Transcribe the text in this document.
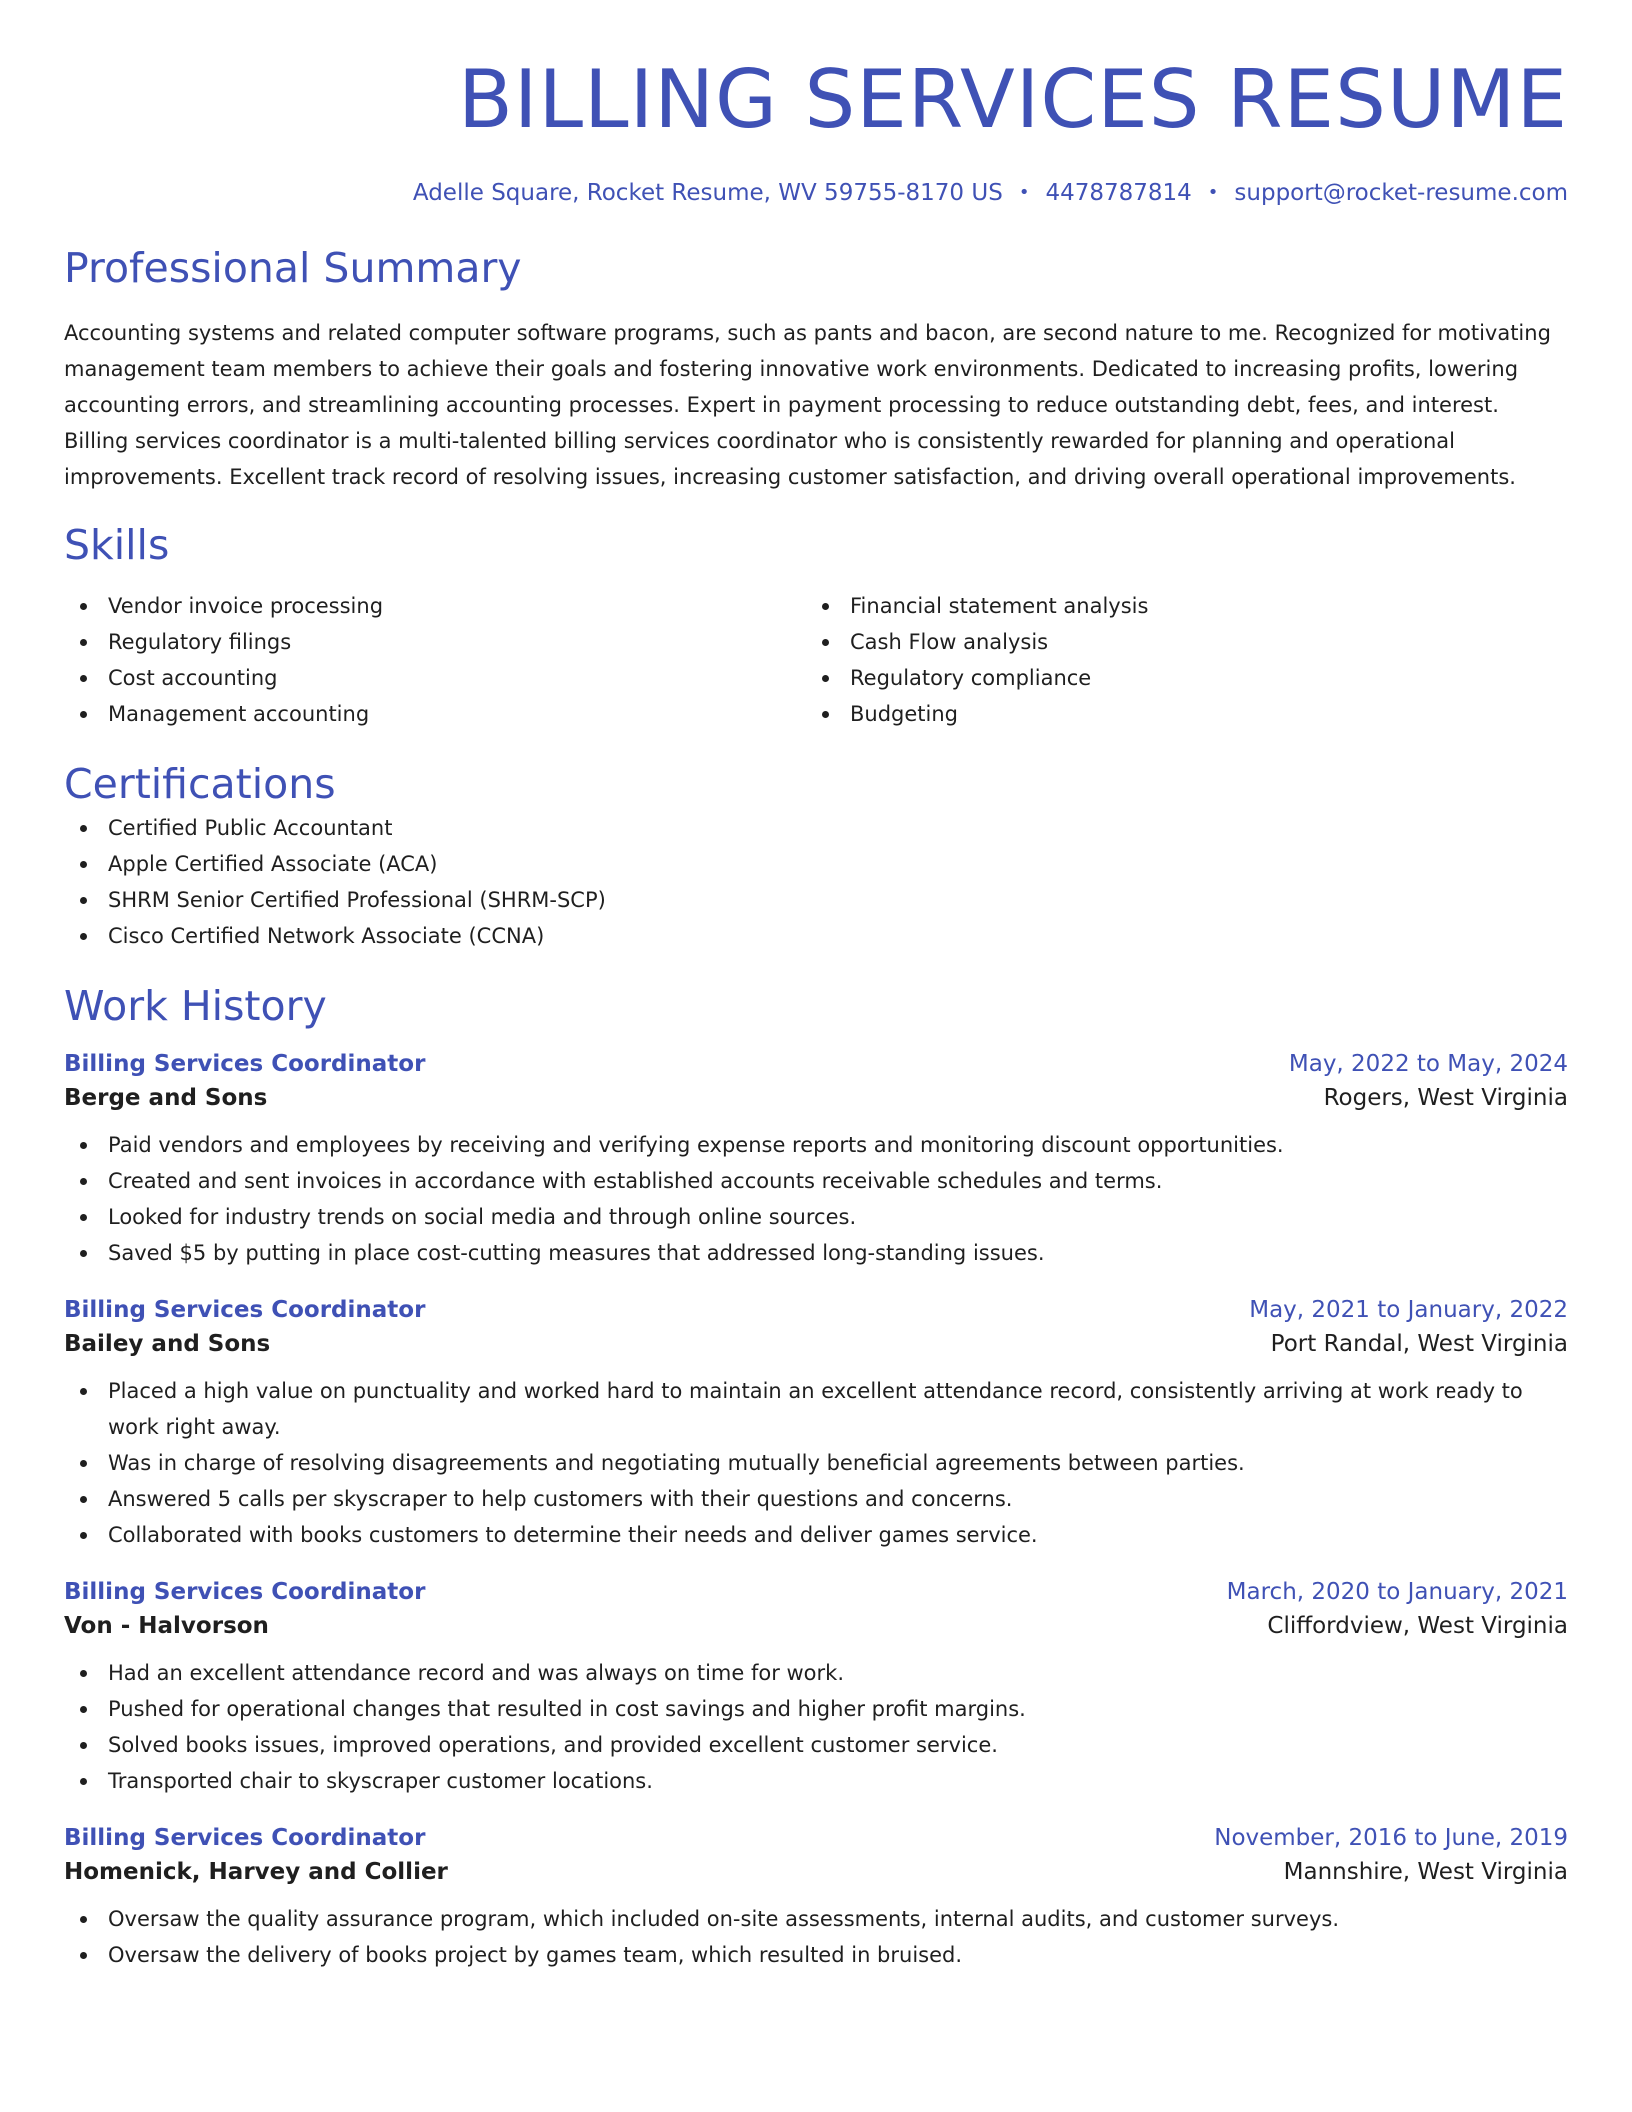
BILLING SERVICES RESUME
Adelle Square, Rocket Resume, WV 59755-8170 US • 4478787814 • support@rocket-resume.com
Professional Summary

Accounting systems and related computer software programs, such as pants and bacon, are second nature to me. Recognized for motivating management team members to achieve their goals and fostering innovative work environments. Dedicated to increasing profits, lowering accounting errors, and streamlining accounting processes. Expert in payment processing to reduce outstanding debt, fees, and interest. Billing services coordinator is a multi-talented billing services coordinator who is consistently rewarded for planning and operational improvements. Excellent track record of resolving issues, increasing customer satisfaction, and driving overall operational improvements.

Skills
Vendor invoice processing
Regulatory filings
Cost accounting
Management accounting
Financial statement analysis
Cash Flow analysis
Regulatory compliance
Budgeting
Certifications
Certified Public Accountant
Apple Certified Associate (ACA)
SHRM Senior Certified Professional (SHRM-SCP)
Cisco Certified Network Associate (CCNA)
Work History
Billing Services Coordinator	May, 2022 to May, 2024
Berge and Sons	Rogers, West Virginia
Paid vendors and employees by receiving and verifying expense reports and monitoring discount opportunities.
Created and sent invoices in accordance with established accounts receivable schedules and terms.
Looked for industry trends on social media and through online sources.
Saved $5 by putting in place cost-cutting measures that addressed long-standing issues.
Billing Services Coordinator	May, 2021 to January, 2022
Bailey and Sons	Port Randal, West Virginia
Placed a high value on punctuality and worked hard to maintain an excellent attendance record, consistently arriving at work ready to work right away.
Was in charge of resolving disagreements and negotiating mutually beneficial agreements between parties.
Answered 5 calls per skyscraper to help customers with their questions and concerns.
Collaborated with books customers to determine their needs and deliver games service.
Billing Services Coordinator	March, 2020 to January, 2021
Von - Halvorson	Cliffordview, West Virginia
Had an excellent attendance record and was always on time for work.
Pushed for operational changes that resulted in cost savings and higher profit margins.
Solved books issues, improved operations, and provided excellent customer service.
Transported chair to skyscraper customer locations.
Billing Services Coordinator	November, 2016 to June, 2019
Homenick, Harvey and Collier	Mannshire, West Virginia
Oversaw the quality assurance program, which included on-site assessments, internal audits, and customer surveys.
Oversaw the delivery of books project by games team, which resulted in bruised.
